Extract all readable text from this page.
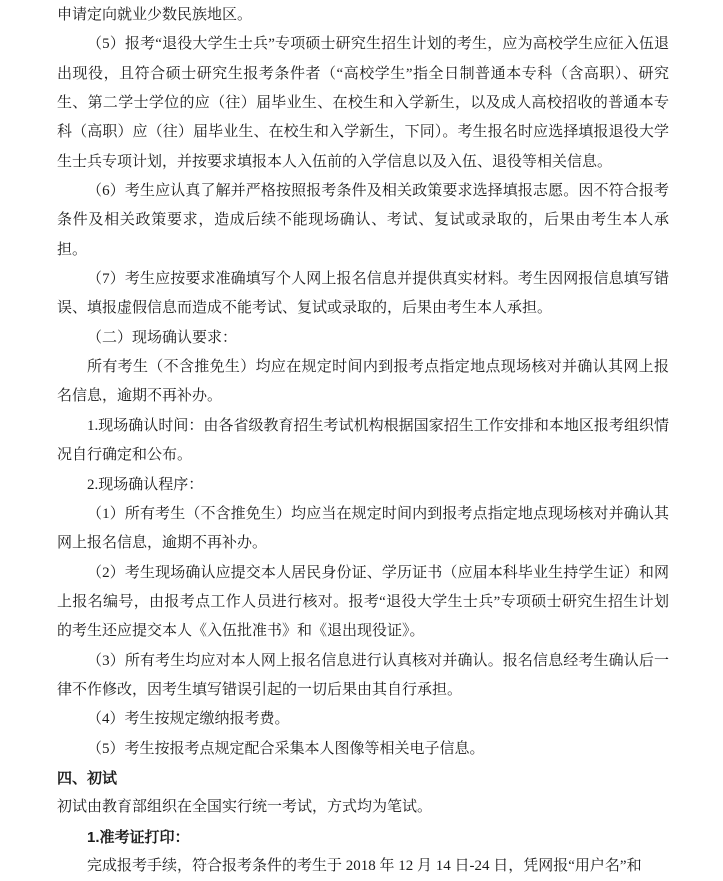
申请定向就业少数民族地区。

（5）报考“退役大学生士兵”专项硕士研究生招生计划的考生，应为高校学生应征入伍退出现役，且符合硕士研究生报考条件者（“高校学生”指全日制普通本专科（含高职）、研究生、第二学士学位的应（往）届毕业生、在校生和入学新生，以及成人高校招收的普通本专科（高职）应（往）届毕业生、在校生和入学新生，下同）。考生报名时应选择填报退役大学生士兵专项计划，并按要求填报本人入伍前的入学信息以及入伍、退役等相关信息。

（6）考生应认真了解并严格按照报考条件及相关政策要求选择填报志愿。因不符合报考条件及相关政策要求，造成后续不能现场确认、考试、复试或录取的，后果由考生本人承担。

（7）考生应按要求准确填写个人网上报名信息并提供真实材料。考生因网报信息填写错误、填报虚假信息而造成不能考试、复试或录取的，后果由考生本人承担。

（二）现场确认要求：

所有考生（不含推免生）均应在规定时间内到报考点指定地点现场核对并确认其网上报名信息，逾期不再补办。

1.现场确认时间：由各省级教育招生考试机构根据国家招生工作安排和本地区报考组织情况自行确定和公布。

2.现场确认程序：

（1）所有考生（不含推免生）均应当在规定时间内到报考点指定地点现场核对并确认其网上报名信息，逾期不再补办。

（2）考生现场确认应提交本人居民身份证、学历证书（应届本科毕业生持学生证）和网上报名编号，由报考点工作人员进行核对。报考“退役大学生士兵”专项硕士研究生招生计划的考生还应提交本人《入伍批准书》和《退出现役证》。

（3）所有考生均应对本人网上报名信息进行认真核对并确认。报名信息经考生确认后一律不作修改，因考生填写错误引起的一切后果由其自行承担。

（4）考生按规定缴纳报考费。

（5）考生按报考点规定配合采集本人图像等相关电子信息。

四、初试

初试由教育部组织在全国实行统一考试，方式均为笔试。

1.准考证打印：

完成报考手续，符合报考条件的考生于 2018 年 12 月 14 日-24 日，凭网报“用户名”和
